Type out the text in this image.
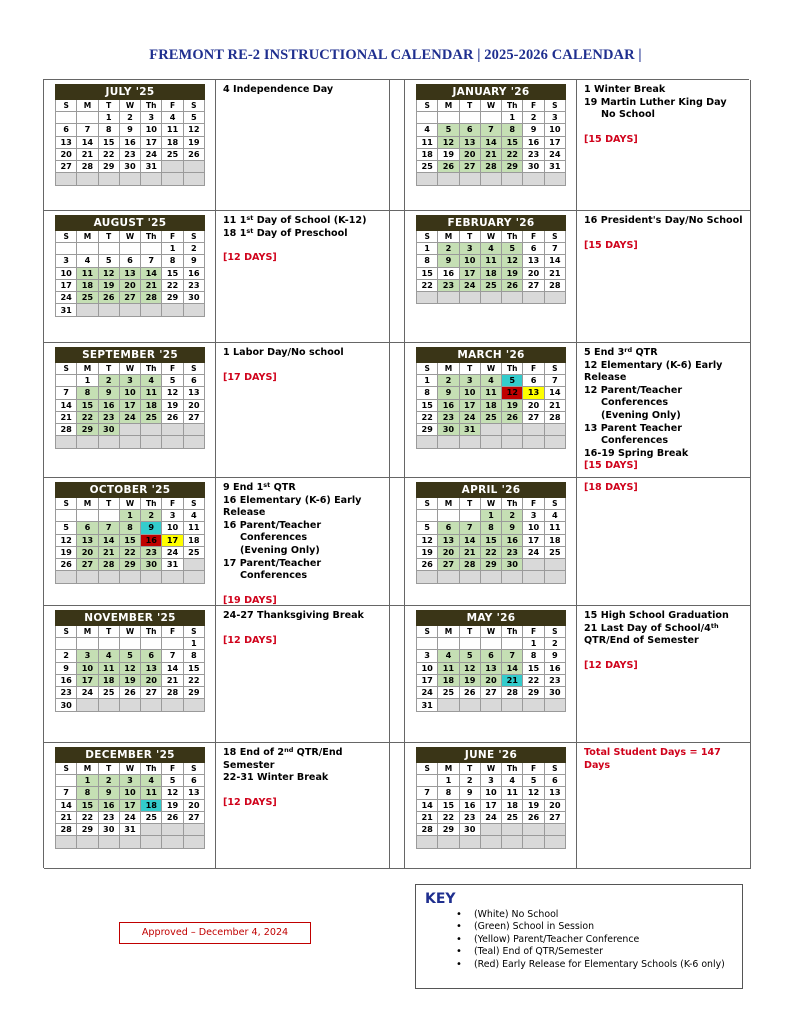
FREMONT RE-2 INSTRUCTIONAL CALENDAR | 2025-2026 CALENDAR |
JULY '25						
S	M	T	W	Th	F	S
		1	2	3	4	5
6	7	8	9	10	11	12
13	14	15	16	17	18	19
20	21	22	23	24	25	26
27	28	29	30	31		

4 Independence Day	JANUARY '26						
S	M	T	W	Th	F	S
				1	2	3
4	5	6	7	8	9	10
11	12	13	14	15	16	17
18	19	20	21	22	23	24
25	26	27	28	29	30	31

1 Winter Break
19 Martin Luther King Day
No School
[15 DAYS]
AUGUST '25						
S	M	T	W	Th	F	S
					1	2
3	4	5	6	7	8	9
10	11	12	13	14	15	16
17	18	19	20	21	22	23
24	25	26	27	28	29	30
31						
11 1st Day of School (K-12)
18 1st Day of Preschool
[12 DAYS]
FEBRUARY '26						
S	M	T	W	Th	F	S
1	2	3	4	5	6	7
8	9	10	11	12	13	14
15	16	17	18	19	20	21
22	23	24	25	26	27	28

16 President's Day/No School
[15 DAYS]
SEPTEMBER '25						
S	M	T	W	Th	F	S
	1	2	3	4	5	6
7	8	9	10	11	12	13
14	15	16	17	18	19	20
21	22	23	24	25	26	27
28	29	30				

1 Labor Day/No school
[17 DAYS]
MARCH '26						
S	M	T	W	Th	F	S
1	2	3	4	5	6	7
8	9	10	11	12	13	14
15	16	17	18	19	20	21
22	23	24	25	26	27	28
29	30	31				

5 End 3rd QTR
12 Elementary (K-6) Early Release
12 Parent/Teacher
Conferences
(Evening Only)
13 Parent Teacher
Conferences
16-19 Spring Break
[15 DAYS]
OCTOBER '25						
S	M	T	W	Th	F	S
			1	2	3	4
5	6	7	8	9	10	11
12	13	14	15	16	17	18
19	20	21	22	23	24	25
26	27	28	29	30	31	

9 End 1st QTR
16 Elementary (K-6) Early Release
16 Parent/Teacher
Conferences
(Evening Only)
17 Parent/Teacher
Conferences
[19 DAYS]
APRIL '26						
S	M	T	W	Th	F	S
			1	2	3	4
5	6	7	8	9	10	11
12	13	14	15	16	17	18
19	20	21	22	23	24	25
26	27	28	29	30		

[18 DAYS]
NOVEMBER '25						
S	M	T	W	Th	F	S
						1
2	3	4	5	6	7	8
9	10	11	12	13	14	15
16	17	18	19	20	21	22
23	24	25	26	27	28	29
30						
24-27 Thanksgiving Break
[12 DAYS]
MAY '26						
S	M	T	W	Th	F	S
					1	2
3	4	5	6	7	8	9
10	11	12	13	14	15	16
17	18	19	20	21	22	23
24	25	26	27	28	29	30
31						
15 High School Graduation
21 Last Day of School/4th QTR/End of Semester
[12 DAYS]
DECEMBER '25						
S	M	T	W	Th	F	S
	1	2	3	4	5	6
7	8	9	10	11	12	13
14	15	16	17	18	19	20
21	22	23	24	25	26	27
28	29	30	31			

18 End of 2nd QTR/End Semester
22-31 Winter Break
[12 DAYS]
JUNE '26						
S	M	T	W	Th	F	S
	1	2	3	4	5	6
7	8	9	10	11	12	13
14	15	16	17	18	19	20
21	22	23	24	25	26	27
28	29	30				

Total Student Days = 147 Days
Approved – December 4, 2024
KEY
• (White) No School
• (Green) School in Session
• (Yellow) Parent/Teacher Conference
• (Teal) End of QTR/Semester
• (Red) Early Release for Elementary Schools (K-6 only)
